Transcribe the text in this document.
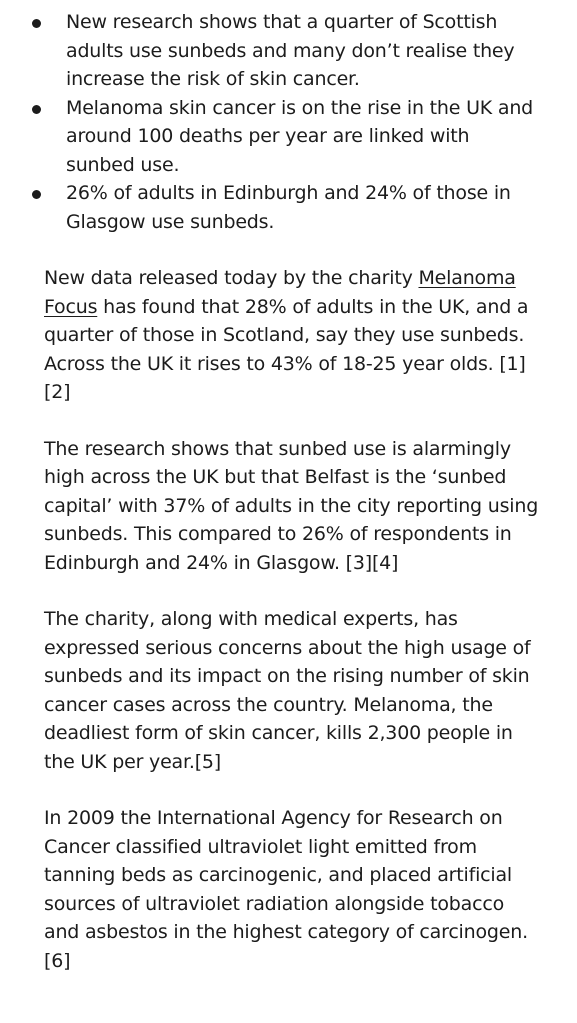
New research shows that a quarter of Scottish adults use sunbeds and many don’t realise they increase the risk of skin cancer.
Melanoma skin cancer is on the rise in the UK and around 100 deaths per year are linked with sunbed use.
26% of adults in Edinburgh and 24% of those in Glasgow use sunbeds.

New data released today by the charity Melanoma Focus has found that 28% of adults in the UK, and a quarter of those in Scotland, say they use sunbeds. Across the UK it rises to 43% of 18-25 year olds. [1][2]

The research shows that sunbed use is alarmingly high across the UK but that Belfast is the ‘sunbed capital’ with 37% of adults in the city reporting using sunbeds. This compared to 26% of respondents in Edinburgh and 24% in Glasgow. [3][4]

The charity, along with medical experts, has expressed serious concerns about the high usage of sunbeds and its impact on the rising number of skin cancer cases across the country. Melanoma, the deadliest form of skin cancer, kills 2,300 people in the UK per year.[5]

In 2009 the International Agency for Research on Cancer classified ultraviolet light emitted from tanning beds as carcinogenic, and placed artificial sources of ultraviolet radiation alongside tobacco and asbestos in the highest category of carcinogen. [6]
